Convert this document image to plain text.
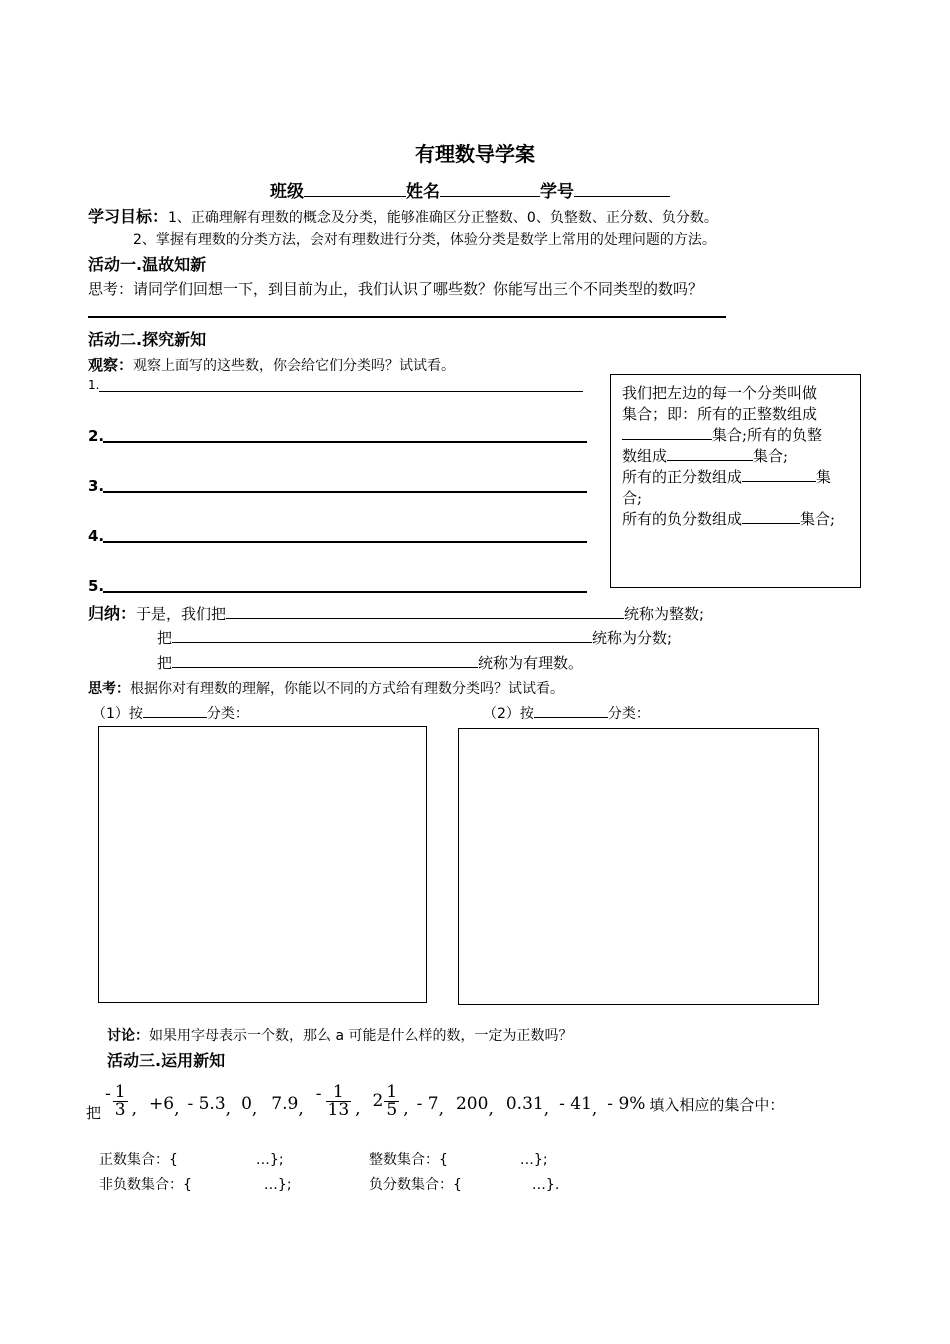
有理数导学案
班级	姓名	学号
学习目标：1、正确理解有理数的概念及分类，能够准确区分正整数、0、负整数、正分数、负分数。
2、掌握有理数的分类方法，会对有理数进行分类，体验分类是数学上常用的处理问题的方法。
活动一.温故知新
思考：请同学们回想一下，到目前为止，我们认识了哪些数？你能写出三个不同类型的数吗？
活动二.探究新知
观察：观察上面写的这些数，你会给它们分类吗？试试看。
1.
2.
3.
4.
5.
我们把左边的每一个分类叫做
集合；即：所有的正整数组成
集合;所有的负整
数组成	集合;
所有的正分数组成	集
合;
所有的负分数组成	集合;
归纳：于是，我们把	统称为整数;
把	统称为分数;
把	统称为有理数。
思考：根据你对有理数的理解，你能以不同的方式给有理数分类吗？试试看。
（1）按	分类：	（2）按	分类：
讨论：如果用字母表示一个数，那么 a 可能是什么样的数，一定为正数吗？
活动三.运用新知
把
- $\frac{1}{3}$ , +6 , - 5.3 , 0 , 7.9 ,
- $\frac{1}{13}$ , $2 \frac{1}{5}$ , - 7 , 200 , 0.31 , - 41 , - 9% 填入相应的集合中：
正数集合：{	…};	整数集合：{	…};
非负数集合：{	…};	负分数集合：{	…}.
